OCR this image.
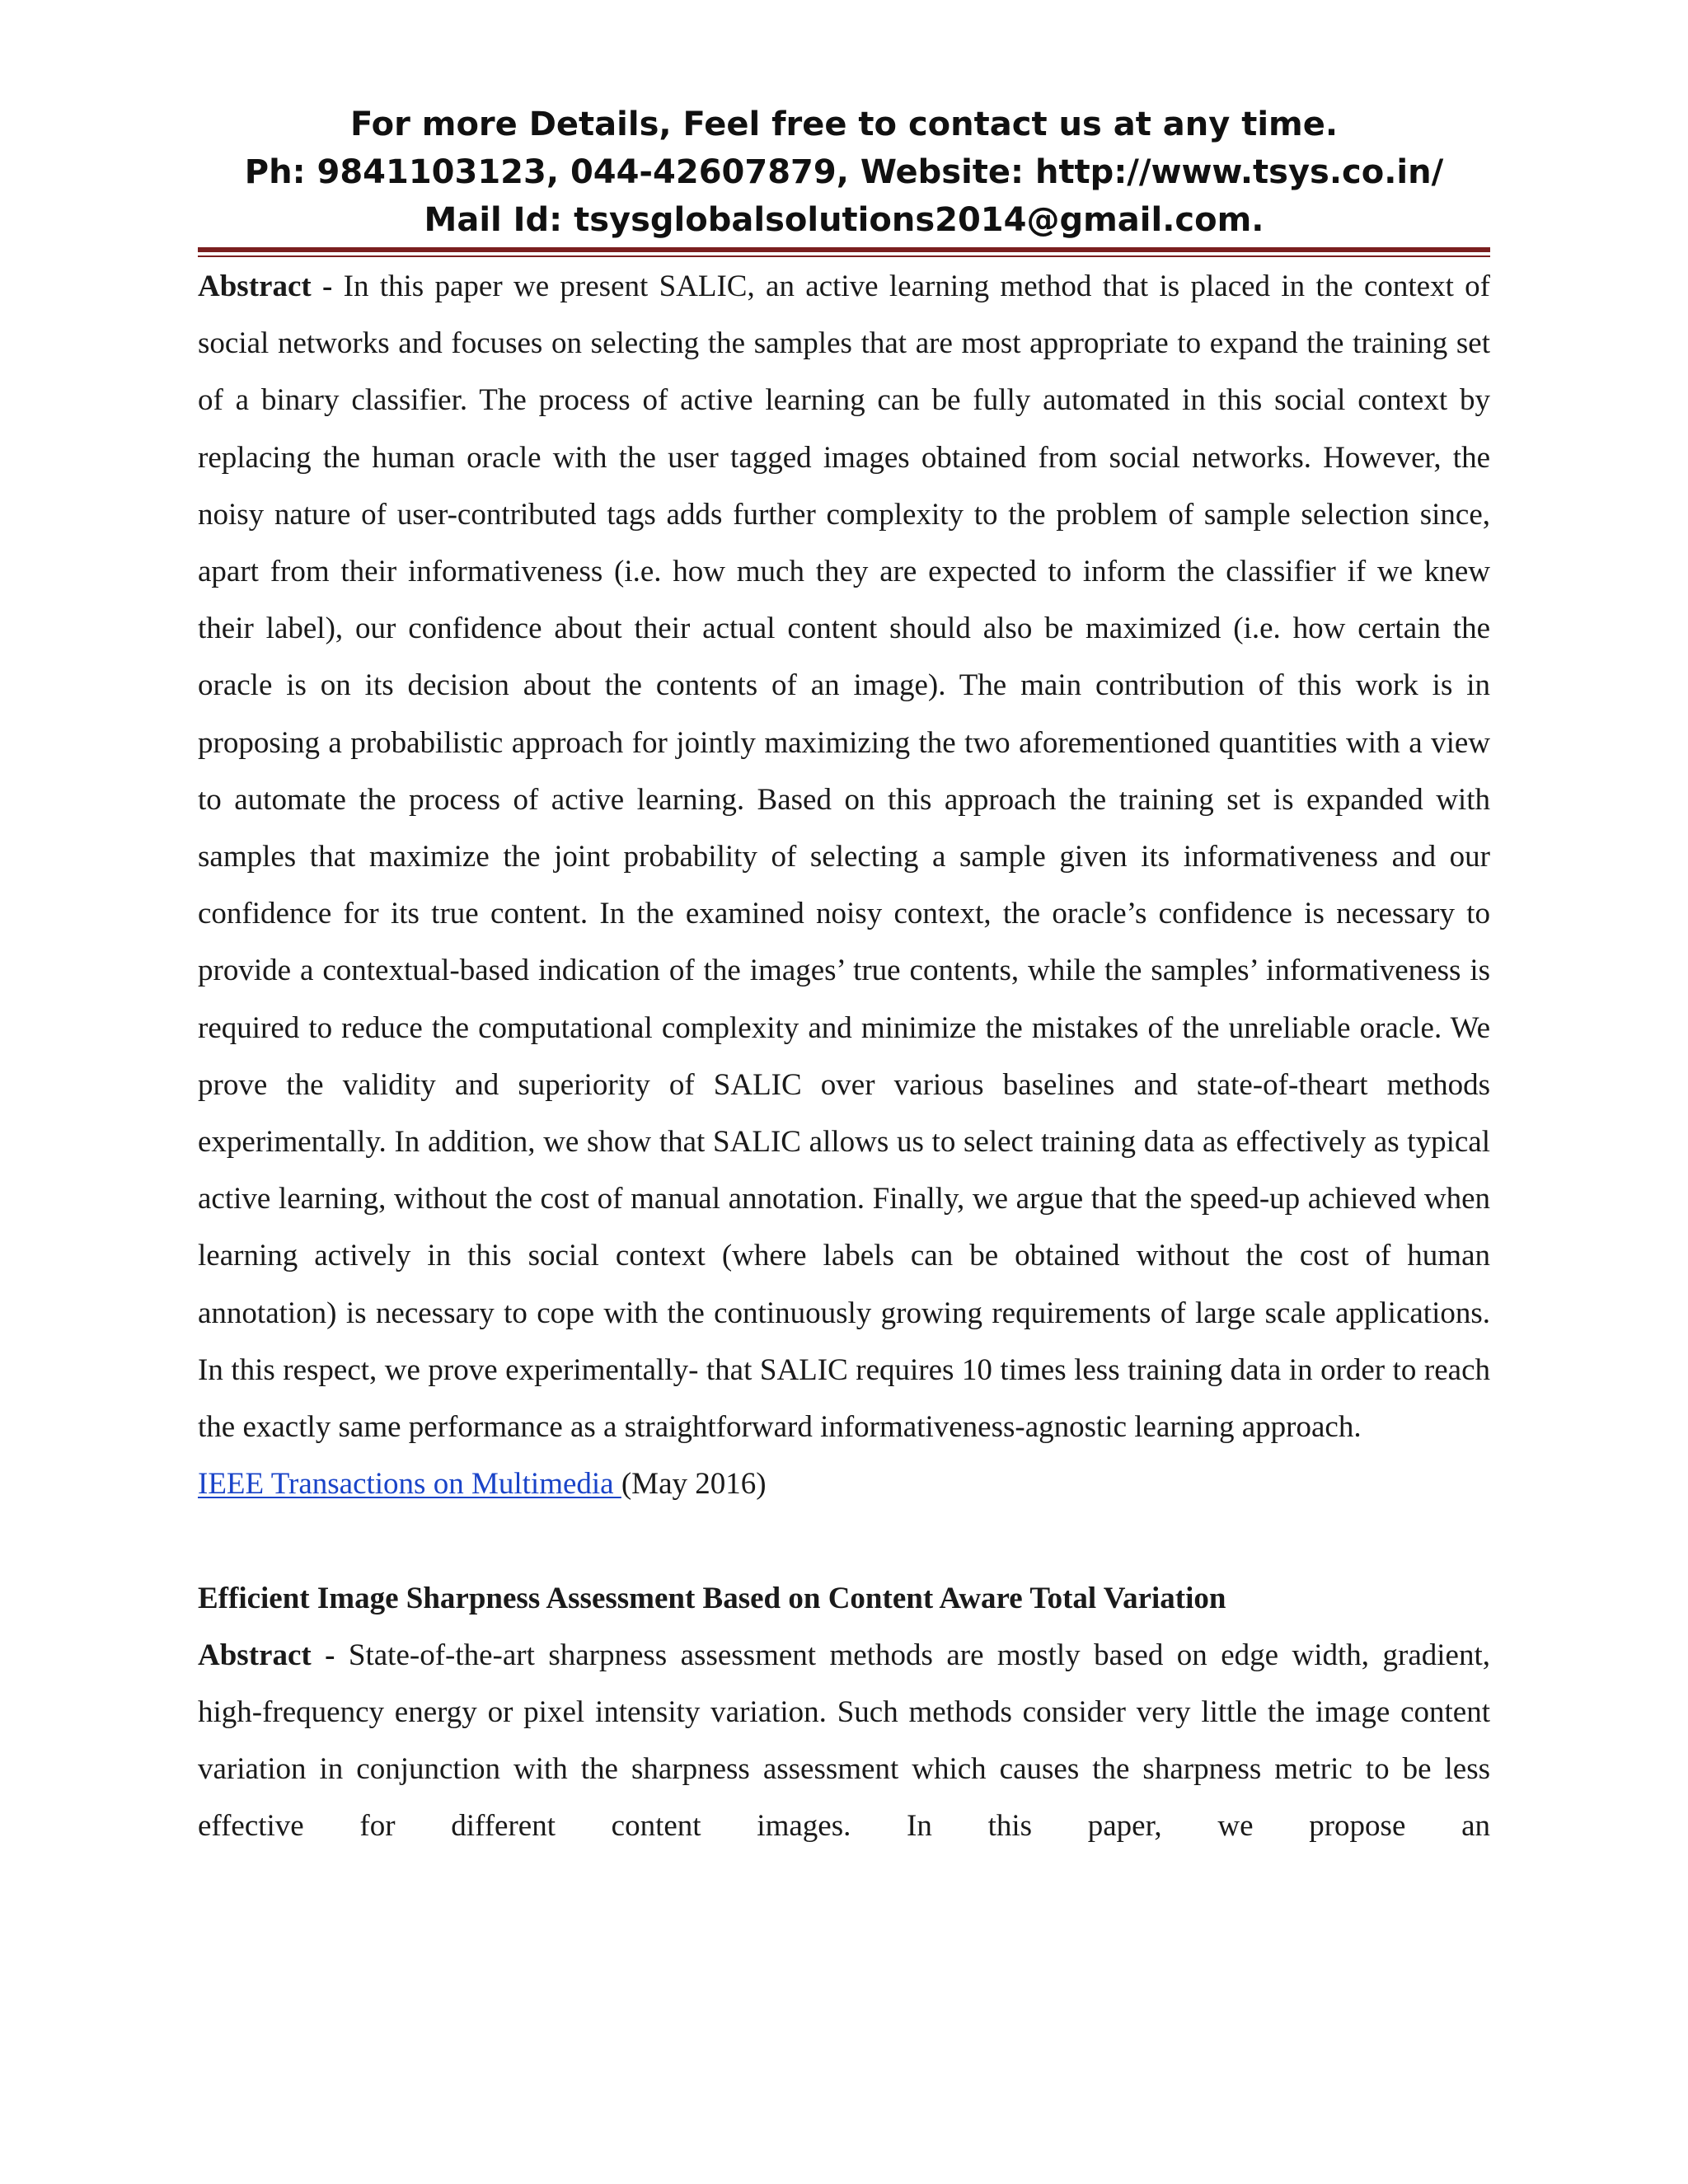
For more Details, Feel free to contact us at any time.
Ph: 9841103123, 044-42607879, Website: http://www.tsys.co.in/
Mail Id: tsysglobalsolutions2014@gmail.com.

Abstract - In this paper we present SALIC, an active learning method that is placed in the context of social networks and focuses on selecting the samples that are most appropriate to expand the training set of a binary classifier. The process of active learning can be fully automated in this social context by replacing the human oracle with the user tagged images obtained from social networks. However, the noisy nature of user-contributed tags adds further complexity to the problem of sample selection since, apart from their informativeness (i.e. how much they are expected to inform the classifier if we knew their label), our confidence about their actual content should also be maximized (i.e. how certain the oracle is on its decision about the contents of an image). The main contribution of this work is in proposing a probabilistic approach for jointly maximizing the two aforementioned quantities with a view to automate the process of active learning. Based on this approach the training set is expanded with samples that maximize the joint probability of selecting a sample given its informativeness and our confidence for its true content. In the examined noisy context, the oracle’s confidence is necessary to provide a contextual-based indication of the images’ true contents, while the samples’ informativeness is required to reduce the computational complexity and minimize the mistakes of the unreliable oracle. We prove the validity and superiority of SALIC over various baselines and state-of-theart methods experimentally. In addition, we show that SALIC allows us to select training data as effectively as typical active learning, without the cost of manual annotation. Finally, we argue that the speed-up achieved when learning actively in this social context (where labels can be obtained without the cost of human annotation) is necessary to cope with the continuously growing requirements of large scale applications. In this respect, we prove experimentally- that SALIC requires 10 times less training data in order to reach the exactly same performance as a straightforward informativeness-agnostic learning approach.

IEEE Transactions on Multimedia (May 2016)

Efficient Image Sharpness Assessment Based on Content Aware Total Variation

Abstract - State-of-the-art sharpness assessment methods are mostly based on edge width, gradient, high-frequency energy or pixel intensity variation. Such methods consider very little the image content variation in conjunction with the sharpness assessment which causes the sharpness metric to be less effective for different content images. In this paper, we propose an
